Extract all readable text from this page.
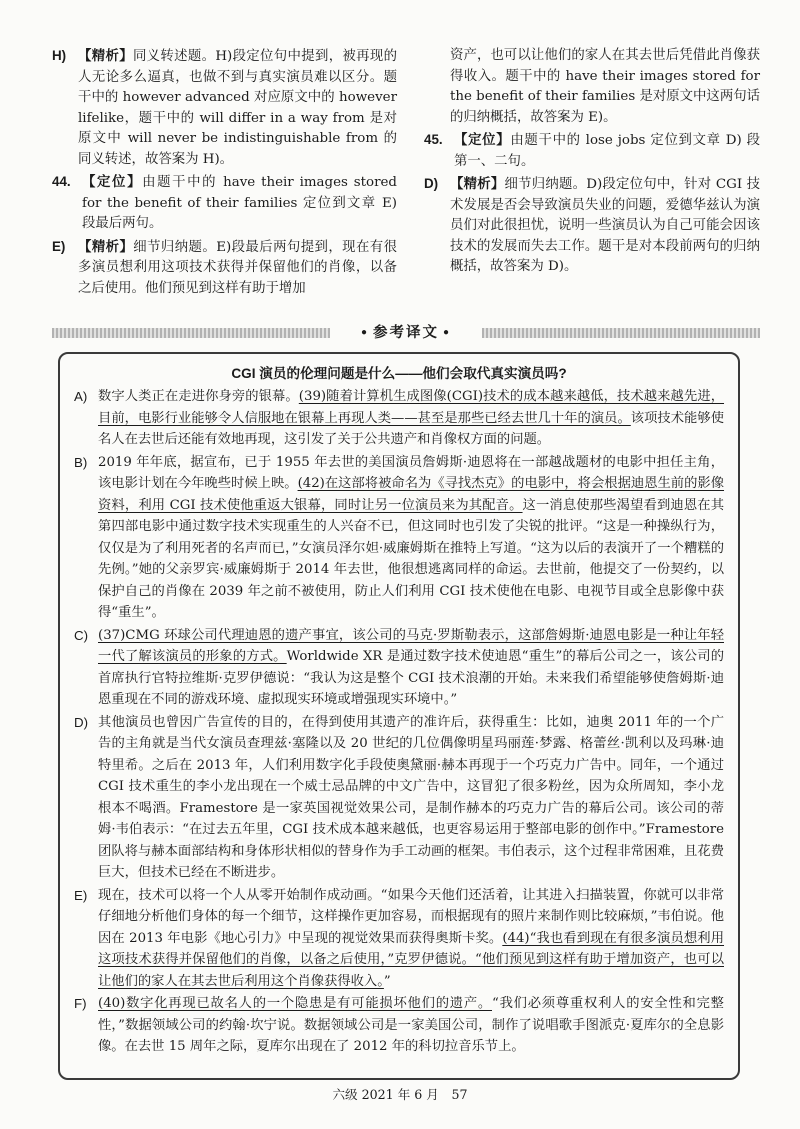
H) 【精析】同义转述题。H)段定位句中提到，被再现的人无论多么逼真，也做不到与真实演员难以区分。题干中的 however advanced 对应原文中的 however lifelike，题干中的 will differ in a way from 是对原文中 will never be indistinguishable from 的同义转述，故答案为 H)。
44. 【定位】由题干中的 have their images stored for the benefit of their families 定位到文章 E) 段最后两句。
E) 【精析】细节归纳题。E)段最后两句提到，现在有很多演员想利用这项技术获得并保留他们的肖像，以备之后使用。他们预见到这样有助于增加
资产，也可以让他们的家人在其去世后凭借此肖像获得收入。题干中的 have their images stored for the benefit of their families 是对原文中这两句话的归纳概括，故答案为 E)。
45. 【定位】由题干中的 lose jobs 定位到文章 D) 段第一、二句。
D) 【精析】细节归纳题。D)段定位句中，针对 CGI 技术发展是否会导致演员失业的问题，爱德华兹认为演员们对此很担忧，说明一些演员认为自己可能会因该技术的发展而失去工作。题干是对本段前两句的归纳概括，故答案为 D)。
● 参考译文 ●
CGI 演员的伦理问题是什么——他们会取代真实演员吗?
A) 数字人类正在走进你身旁的银幕。(39)随着计算机生成图像(CGI)技术的成本越来越低，技术越来越先进，目前，电影行业能够令人信服地在银幕上再现人类——甚至是那些已经去世几十年的演员。该项技术能够使名人在去世后还能有效地再现，这引发了关于公共遗产和肖像权方面的问题。
B) 2019 年年底，据宣布，已于 1955 年去世的美国演员詹姆斯·迪恩将在一部越战题材的电影中担任主角，该电影计划在今年晚些时候上映。(42)在这部将被命名为《寻找杰克》的电影中，将会根据迪恩生前的影像资料，利用 CGI 技术使他重返大银幕，同时让另一位演员来为其配音。这一消息使那些渴望看到迪恩在其第四部电影中通过数字技术实现重生的人兴奋不已，但这同时也引发了尖锐的批评。“这是一种操纵行为，仅仅是为了利用死者的名声而已，”女演员泽尔妲·威廉姆斯在推特上写道。“这为以后的表演开了一个糟糕的先例。”她的父亲罗宾·威廉姆斯于 2014 年去世，他很想逃离同样的命运。去世前，他提交了一份契约，以保护自己的肖像在 2039 年之前不被使用，防止人们利用 CGI 技术使他在电影、电视节目或全息影像中获得“重生”。
C) (37)CMG 环球公司代理迪恩的遗产事宜，该公司的马克·罗斯勒表示，这部詹姆斯·迪恩电影是一种让年轻一代了解该演员的形象的方式。Worldwide XR 是通过数字技术使迪恩“重生”的幕后公司之一，该公司的首席执行官特拉维斯·克罗伊德说：“我认为这是整个 CGI 技术浪潮的开始。未来我们希望能够使詹姆斯·迪恩重现在不同的游戏环境、虚拟现实环境或增强现实环境中。”
D) 其他演员也曾因广告宣传的目的，在得到使用其遗产的准许后，获得重生：比如，迪奥 2011 年的一个广告的主角就是当代女演员查理兹·塞隆以及 20 世纪的几位偶像明星玛丽莲·梦露、格蕾丝·凯利以及玛琳·迪特里希。之后在 2013 年，人们利用数字化手段使奥黛丽·赫本再现于一个巧克力广告中。同年，一个通过 CGI 技术重生的李小龙出现在一个威士忌品牌的中文广告中，这冒犯了很多粉丝，因为众所周知，李小龙根本不喝酒。Framestore 是一家英国视觉效果公司，是制作赫本的巧克力广告的幕后公司。该公司的蒂姆·韦伯表示：“在过去五年里，CGI 技术成本越来越低，也更容易运用于整部电影的创作中。”Framestore 团队将与赫本面部结构和身体形状相似的替身作为手工动画的框架。韦伯表示，这个过程非常困难，且花费巨大，但技术已经在不断进步。
E) 现在，技术可以将一个人从零开始制作成动画。“如果今天他们还活着，让其进入扫描装置，你就可以非常仔细地分析他们身体的每一个细节，这样操作更加容易，而根据现有的照片来制作则比较麻烦，”韦伯说。他因在 2013 年电影《地心引力》中呈现的视觉效果而获得奥斯卡奖。(44)“我也看到现在有很多演员想利用这项技术获得并保留他们的肖像，以备之后使用，”克罗伊德说。“他们预见到这样有助于增加资产，也可以让他们的家人在其去世后利用这个肖像获得收入。”
F) (40)数字化再现已故名人的一个隐患是有可能损坏他们的遗产。“我们必须尊重权利人的安全性和完整性，”数据领域公司的约翰·坎宁说。数据领域公司是一家美国公司，制作了说唱歌手图派克·夏库尔的全息影像。在去世 15 周年之际，夏库尔出现在了 2012 年的科切拉音乐节上。
六级 2021 年 6 月　57
